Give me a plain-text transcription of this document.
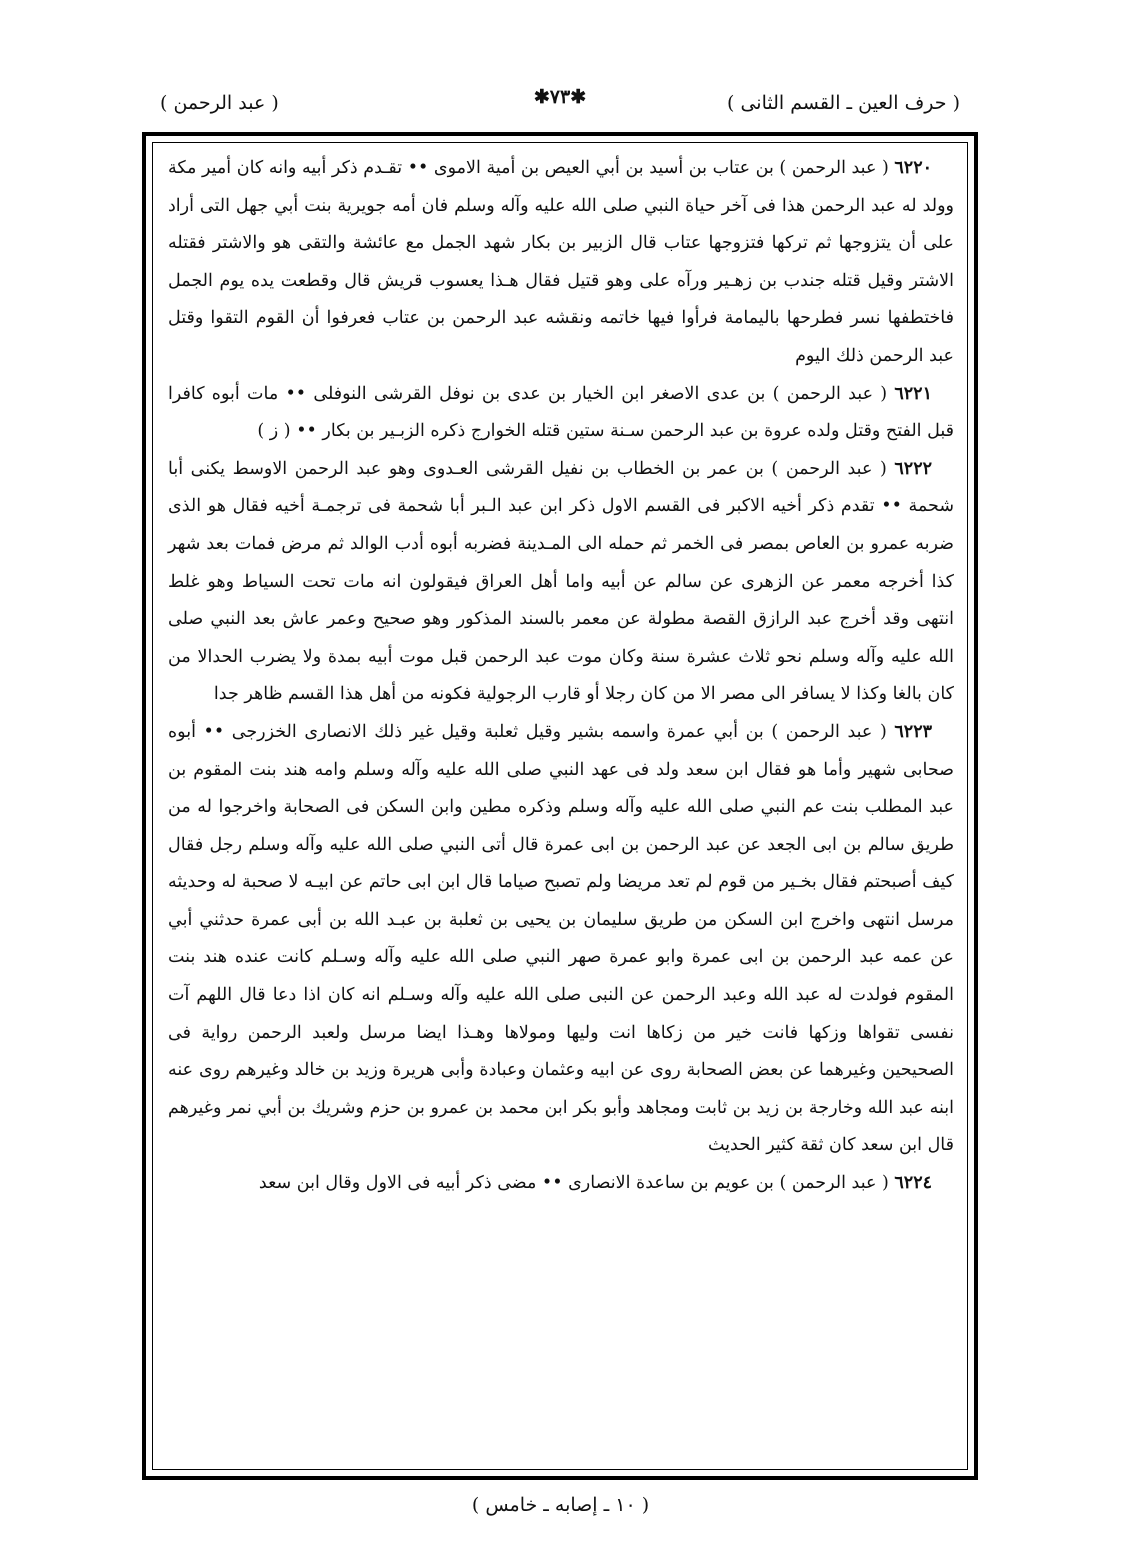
( حرف العين ـ القسم الثانى )
✱٧٣✱
( عبد الرحمن )

٦٢٢٠ ( عبد الرحمن ) بن عتاب بن أسيد بن أبي العيص بن أمية الاموى •• تقـدم ذكر أبيه وانه كان أمير مكة وولد له عبد الرحمن هذا فى آخر حياة النبي صلى الله عليه وآله وسلم فان أمه جويرية بنت أبي جهل التى أراد على أن يتزوجها ثم تركها فتزوجها عتاب قال الزبير بن بكار شهد الجمل مع عائشة والتقى هو والاشتر فقتله الاشتر وقيل قتله جندب بن زهـير ورآه على وهو قتيل فقال هـذا يعسوب قريش قال وقطعت يده يوم الجمل فاختطفها نسر فطرحها باليمامة فرأوا فيها خاتمه ونقشه عبد الرحمن بن عتاب فعرفوا أن القوم التقوا وقتل عبد الرحمن ذلك اليوم

٦٢٢١ ( عبد الرحمن ) بن عدى الاصغر ابن الخيار بن عدى بن نوفل القرشى النوفلى •• مات أبوه كافرا قبل الفتح وقتل ولده عروة بن عبد الرحمن سـنة ستين قتله الخوارج ذكره الزبـير بن بكار •• ( ز )

٦٢٢٢ ( عبد الرحمن ) بن عمر بن الخطاب بن نفيل القرشى العـدوى وهو عبد الرحمن الاوسط يكنى أبا شحمة •• تقدم ذكر أخيه الاكبر فى القسم الاول ذكر ابن عبد الـبر أبا شحمة فى ترجمـة أخيه فقال هو الذى ضربه عمرو بن العاص بمصر فى الخمر ثم حمله الى المـدينة فضربه أبوه أدب الوالد ثم مرض فمات بعد شهر كذا أخرجه معمر عن الزهرى عن سالم عن أبيه واما أهل العراق فيقولون انه مات تحت السياط وهو غلط انتهى وقد أخرج عبد الرازق القصة مطولة عن معمر بالسند المذكور وهو صحيح وعمر عاش بعد النبي صلى الله عليه وآله وسلم نحو ثلاث عشرة سنة وكان موت عبد الرحمن قبل موت أبيه بمدة ولا يضرب الحدالا من كان بالغا وكذا لا يسافر الى مصر الا من كان رجلا أو قارب الرجولية فكونه من أهل هذا القسم ظاهر جدا

٦٢٢٣ ( عبد الرحمن ) بن أبي عمرة واسمه بشير وقيل ثعلبة وقيل غير ذلك الانصارى الخزرجى •• أبوه صحابى شهير وأما هو فقال ابن سعد ولد فى عهد النبي صلى الله عليه وآله وسلم وامه هند بنت المقوم بن عبد المطلب بنت عم النبي صلى الله عليه وآله وسلم وذكره مطين وابن السكن فى الصحابة واخرجوا له من طريق سالم بن ابى الجعد عن عبد الرحمن بن ابى عمرة قال أتى النبي صلى الله عليه وآله وسلم رجل فقال كيف أصبحتم فقال بخـير من قوم لم تعد مريضا ولم تصبح صياما قال ابن ابى حاتم عن ابيـه لا صحبة له وحديثه مرسل انتهى واخرج ابن السكن من طريق سليمان بن يحيى بن ثعلبة بن عبـد الله بن أبى عمرة حدثني أبي عن عمه عبد الرحمن بن ابى عمرة وابو عمرة صهر النبي صلى الله عليه وآله وسـلم كانت عنده هند بنت المقوم فولدت له عبد الله وعبد الرحمن عن النبى صلى الله عليه وآله وسـلم انه كان اذا دعا قال اللهم آت نفسى تقواها وزكها فانت خير من زكاها انت وليها ومولاها وهـذا ايضا مرسل ولعبد الرحمن رواية فى الصحيحين وغيرهما عن بعض الصحابة روى عن ابيه وعثمان وعبادة وأبى هريرة وزيد بن خالد وغيرهم روى عنه ابنه عبد الله وخارجة بن زيد بن ثابت ومجاهد وأبو بكر ابن محمد بن عمرو بن حزم وشريك بن أبي نمر وغيرهم قال ابن سعد كان ثقة كثير الحديث

٦٢٢٤ ( عبد الرحمن ) بن عويم بن ساعدة الانصارى •• مضى ذكر أبيه فى الاول وقال ابن سعد

( ١٠ ـ إصابه ـ خامس )
